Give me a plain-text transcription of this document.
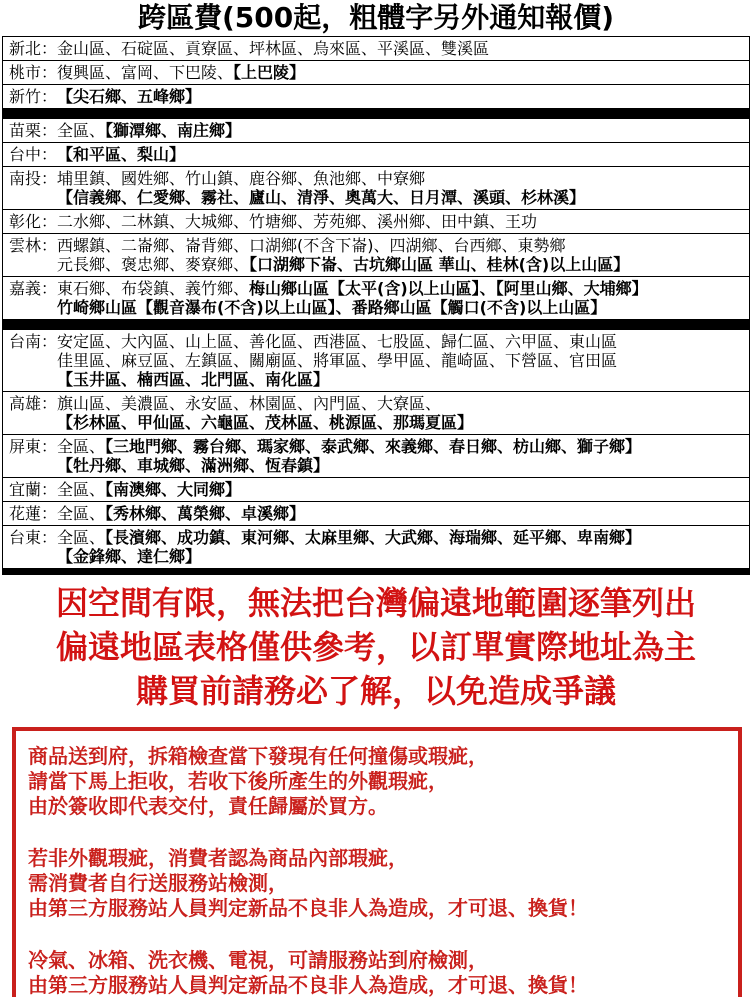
跨區費(500起，粗體字另外通知報價)
新北： 金山區、石碇區、貢寮區、坪林區、烏來區、平溪區、雙溪區
桃市： 復興區、富岡、下巴陵、【上巴陵】
新竹： 【尖石鄉、五峰鄉】
苗栗： 全區、【獅潭鄉、南庄鄉】
台中： 【和平區、梨山】
南投： 埔里鎮、國姓鄉、竹山鎮、鹿谷鄉、魚池鄉、中寮鄉
【信義鄉、仁愛鄉、霧社、廬山、清淨、奧萬大、日月潭、溪頭、杉林溪】
彰化： 二水鄉、二林鎮、大城鄉、竹塘鄉、芳苑鄉、溪州鄉、田中鎮、王功
雲林： 西螺鎮、二崙鄉、崙背鄉、口湖鄉(不含下崙)、四湖鄉、台西鄉、東勢鄉
元長鄉、褒忠鄉、麥寮鄉、【口湖鄉下崙、古坑鄉山區 華山、桂林(含)以上山區】
嘉義： 東石鄉、布袋鎮、義竹鄉、梅山鄉山區【太平(含)以上山區】、【阿里山鄉、大埔鄉】
竹崎鄉山區【觀音瀑布(不含)以上山區】、番路鄉山區【觸口(不含)以上山區】
台南： 安定區、大內區、山上區、善化區、西港區、七股區、歸仁區、六甲區、東山區
佳里區、麻豆區、左鎮區、關廟區、將軍區、學甲區、龍崎區、下營區、官田區
【玉井區、楠西區、北門區、南化區】
高雄： 旗山區、美濃區、永安區、林園區、內門區、大寮區、
【杉林區、甲仙區、六龜區、茂林區、桃源區、那瑪夏區】
屏東： 全區、【三地門鄉、霧台鄉、瑪家鄉、泰武鄉、來義鄉、春日鄉、枋山鄉、獅子鄉】
【牡丹鄉、車城鄉、滿洲鄉、恆春鎮】
宜蘭： 全區、【南澳鄉、大同鄉】
花蓮： 全區、【秀林鄉、萬榮鄉、卓溪鄉】
台東： 全區、【長濱鄉、成功鎮、東河鄉、太麻里鄉、大武鄉、海瑞鄉、延平鄉、卑南鄉】
【金鋒鄉、達仁鄉】
因空間有限，無法把台灣偏遠地範圍逐筆列出
偏遠地區表格僅供參考，以訂單實際地址為主
購買前請務必了解，以免造成爭議
商品送到府，拆箱檢查當下發現有任何撞傷或瑕疵，
請當下馬上拒收，若收下後所產生的外觀瑕疵，
由於簽收即代表交付，責任歸屬於買方。
若非外觀瑕疵，消費者認為商品內部瑕疵，
需消費者自行送服務站檢測，
由第三方服務站人員判定新品不良非人為造成，才可退、換貨！
冷氣、冰箱、洗衣機、電視，可請服務站到府檢測，
由第三方服務站人員判定新品不良非人為造成，才可退、換貨！
